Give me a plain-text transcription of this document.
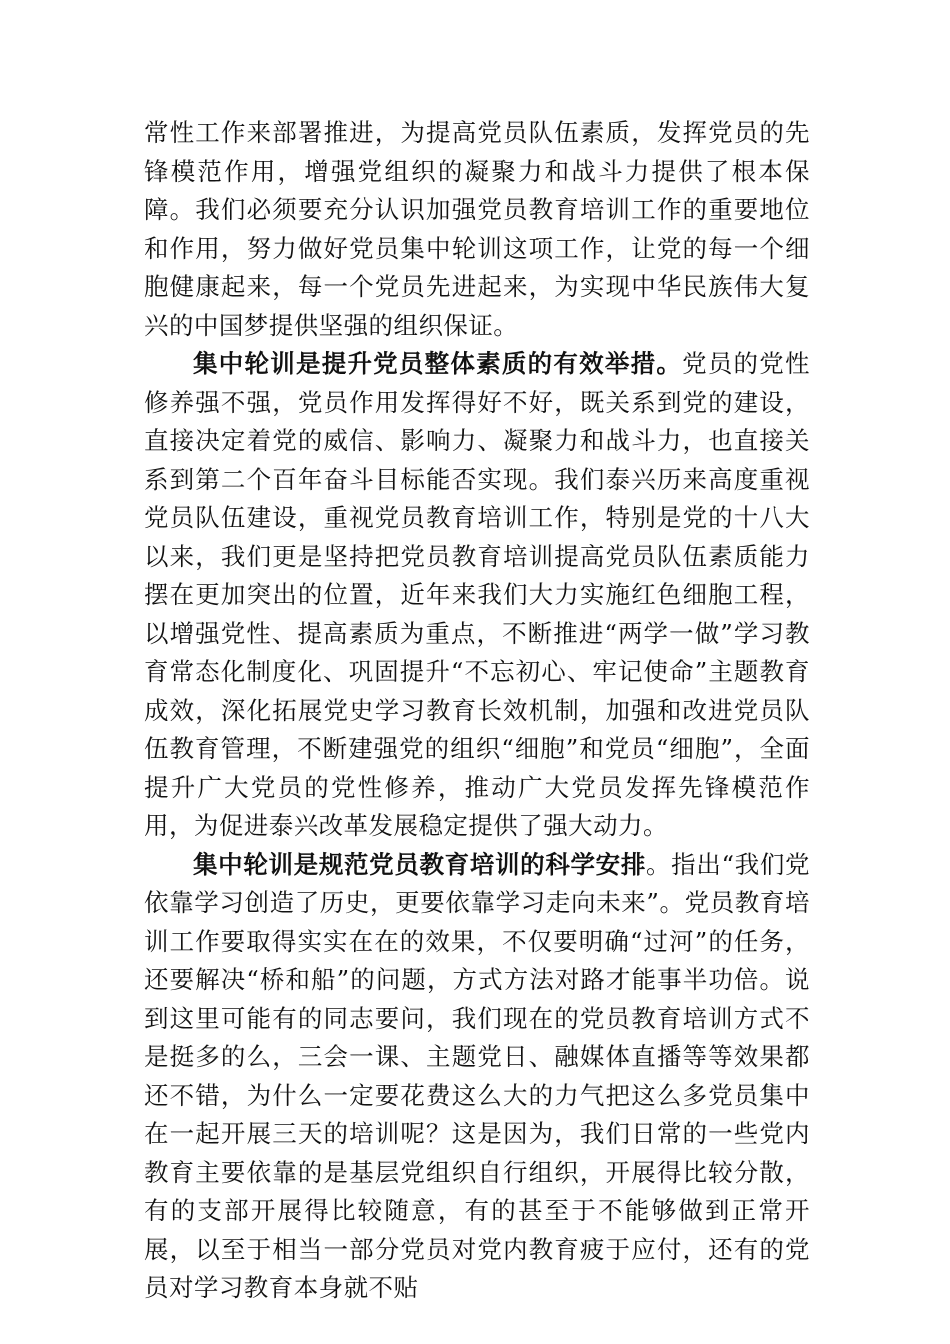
常性工作来部署推进，为提高党员队伍素质，发挥党员的先锋模范作用，增强党组织的凝聚力和战斗力提供了根本保障。我们必须要充分认识加强党员教育培训工作的重要地位和作用，努力做好党员集中轮训这项工作，让党的每一个细胞健康起来，每一个党员先进起来，为实现中华民族伟大复兴的中国梦提供坚强的组织保证。

集中轮训是提升党员整体素质的有效举措。党员的党性修养强不强，党员作用发挥得好不好，既关系到党的建设，直接决定着党的威信、影响力、凝聚力和战斗力，也直接关系到第二个百年奋斗目标能否实现。我们泰兴历来高度重视党员队伍建设，重视党员教育培训工作，特别是党的十八大以来，我们更是坚持把党员教育培训提高党员队伍素质能力摆在更加突出的位置，近年来我们大力实施红色细胞工程，以增强党性、提高素质为重点，不断推进“两学一做”学习教育常态化制度化、巩固提升“不忘初心、牢记使命”主题教育成效，深化拓展党史学习教育长效机制，加强和改进党员队伍教育管理，不断建强党的组织“细胞”和党员“细胞”，全面提升广大党员的党性修养，推动广大党员发挥先锋模范作用，为促进泰兴改革发展稳定提供了强大动力。

集中轮训是规范党员教育培训的科学安排。指出“我们党依靠学习创造了历史，更要依靠学习走向未来”。党员教育培训工作要取得实实在在的效果，不仅要明确“过河”的任务，还要解决“桥和船”的问题，方式方法对路才能事半功倍。说到这里可能有的同志要问，我们现在的党员教育培训方式不是挺多的么，三会一课、主题党日、融媒体直播等等效果都还不错，为什么一定要花费这么大的力气把这么多党员集中在一起开展三天的培训呢？这是因为，我们日常的一些党内教育主要依靠的是基层党组织自行组织，开展得比较分散，有的支部开展得比较随意，有的甚至于不能够做到正常开展，以至于相当一部分党员对党内教育疲于应付，还有的党员对学习教育本身就不贴
